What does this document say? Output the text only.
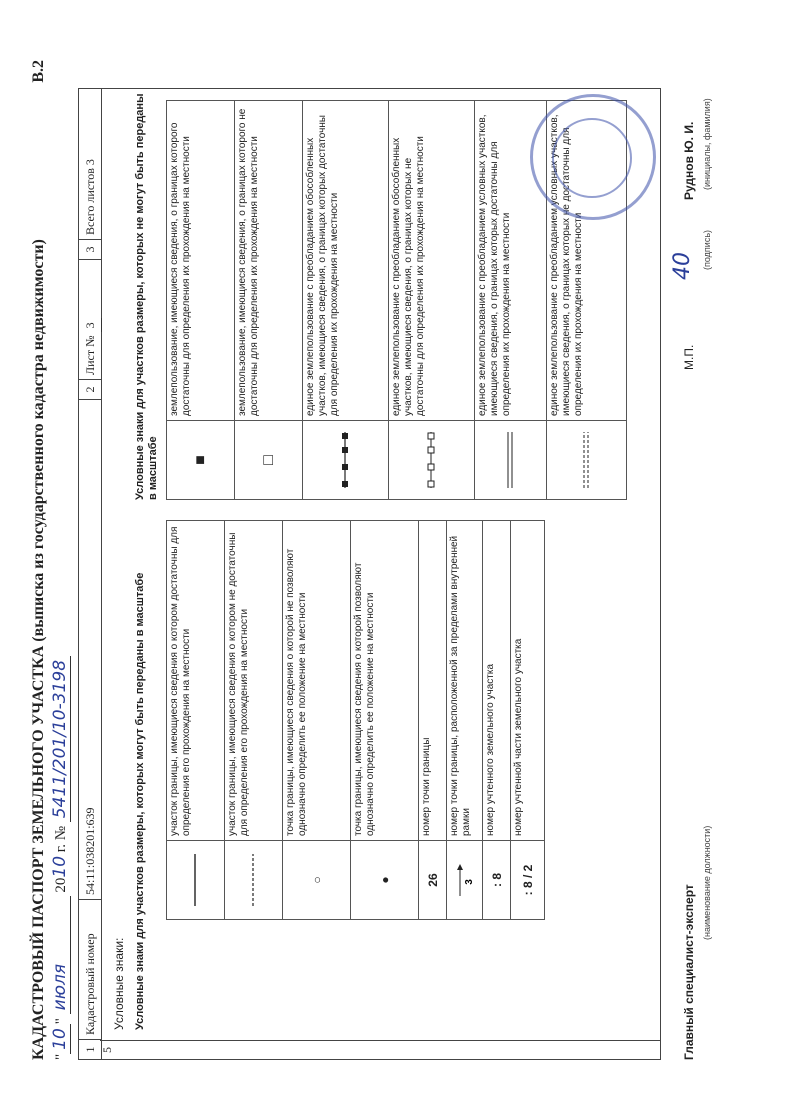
КАДАСТРОВЫЙ ПАСПОРТ ЗЕМЕЛЬНОГО УЧАСТКА (выписка из государственного кадастра недвижимости)
В.2
"10" июля 2010 г. № 5411/201/10-3198
1
Кадастровый номер
54:11:038201:639
2
Лист № 3
3
Всего листов 3
5
Условные знаки: Условные знаки для участков размеры, которых могут быть переданы в масштабе
	участок границы, имеющиеся сведения о котором достаточны для определения его прохождения на местности
	участок границы, имеющиеся сведения о котором не достаточны для определения его прохождения на местности
○	точка границы, имеющиеся сведения о которой не позволяют однозначно определить ее положение на местности
●	точка границы, имеющиеся сведения о которой позволяют однозначно определить ее положение на местности
26	номер точки границы

3	номер точки границы, расположенной за пределами внутренней рамки
: 8	номер учтенного земельного участка
: 8 / 2	номер учтенной части земельного участка
Условные знаки для участков размеры, которых не могут быть переданы в масштабе ■	землепользование, имеющиеся сведения, о границах которого достаточны для определения их прохождения на местности
□	землепользование, имеющиеся сведения, о границах которого не достаточны для определения их прохождения на местности
	единое землепользование с преобладанием обособленных участков, имеющиеся сведения, о границах которых достаточны для определения их прохождения на местности
	единое землепользование с преобладанием обособленных участков, имеющиеся сведения, о границах которых не достаточны для определения их прохождения на местности
	единое землепользование с преобладанием условных участков, имеющиеся сведения, о границах которых достаточны для определения их прохождения на местности
	единое землепользование с преобладанием условных участков, имеющиеся сведения, о границах которых не достаточны для определения их прохождения на местности
Главный специалист-эксперт
(наименование должности)
М.П.
40 (подпись)
Руднов Ю. И. (инициалы, фамилия)
